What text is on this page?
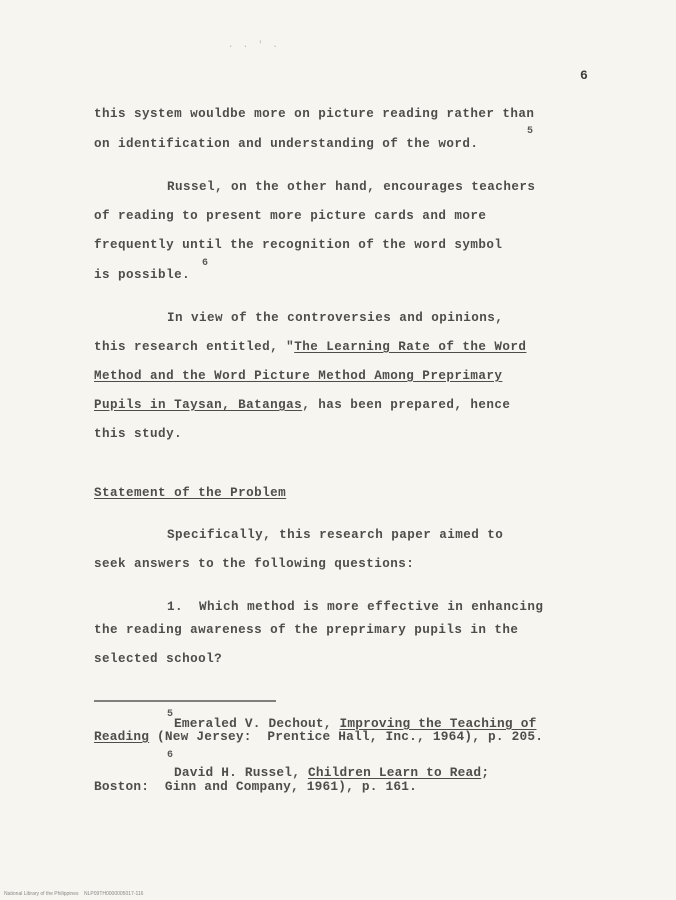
. . ' .
6
this system wouldbe more on picture reading rather than
on identification and understanding of the word.
5
Russel, on the other hand, encourages teachers
of reading to present more picture cards and more
frequently until the recognition of the word symbol
is possible.
6
In view of the controversies and opinions,
this research entitled, "The Learning Rate of the Word
Method and the Word Picture Method Among Preprimary
Pupils in Taysan, Batangas, has been prepared, hence
this study.
Statement of the Problem
Specifically, this research paper aimed to
seek answers to the following questions:
1.  Which method is more effective in enhancing
the reading awareness of the preprimary pupils in the
selected school?
5
Emeraled V. Dechout, Improving the Teaching of
Reading (New Jersey:  Prentice Hall, Inc., 1964), p. 205.
6
David H. Russel, Children Learn to Read;
Boston:  Ginn and Company, 1961), p. 161.
National Library of the Philippines    NLP09TH0000005017-116
